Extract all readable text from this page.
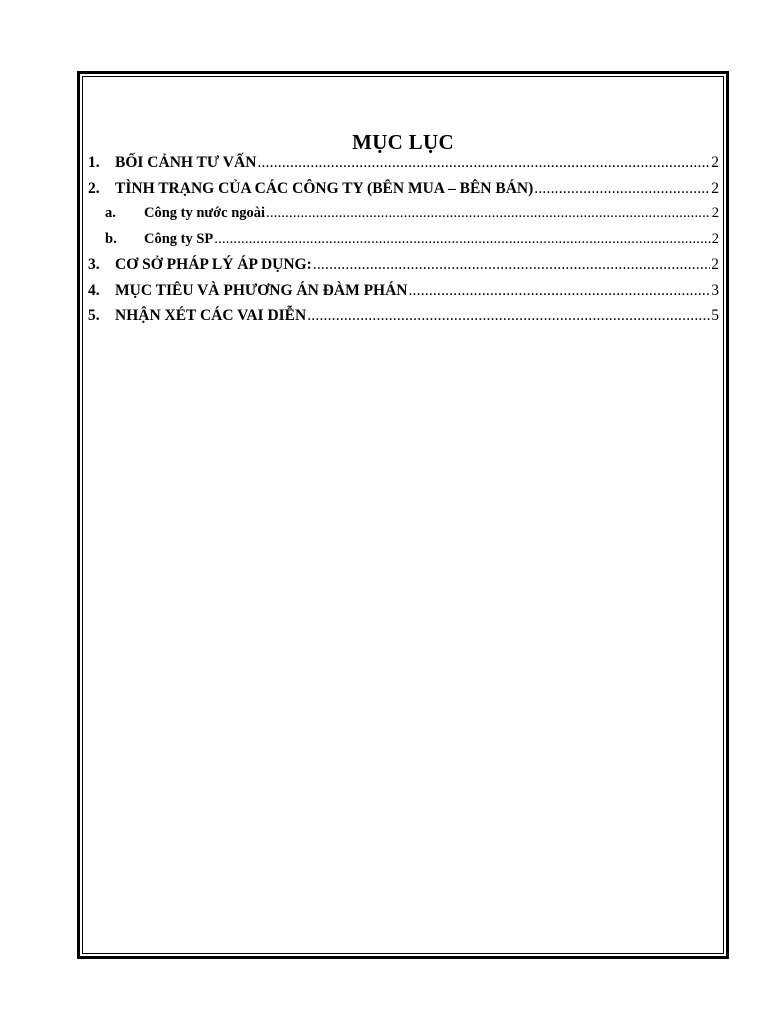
MỤC LỤC
1. BỐI CẢNH TƯ VẤN .....	2
2. TÌNH TRẠNG CỦA CÁC CÔNG TY (BÊN MUA – BÊN BÁN) .....	2
a.	Công ty nước ngoài .....	2
b.	Công ty SP .....	2
3. CƠ SỞ PHÁP LÝ ÁP DỤNG: .....	2
4. MỤC TIÊU VÀ PHƯƠNG ÁN ĐÀM PHÁN .....	3
5. NHẬN XÉT CÁC VAI DIỄN .....	5
